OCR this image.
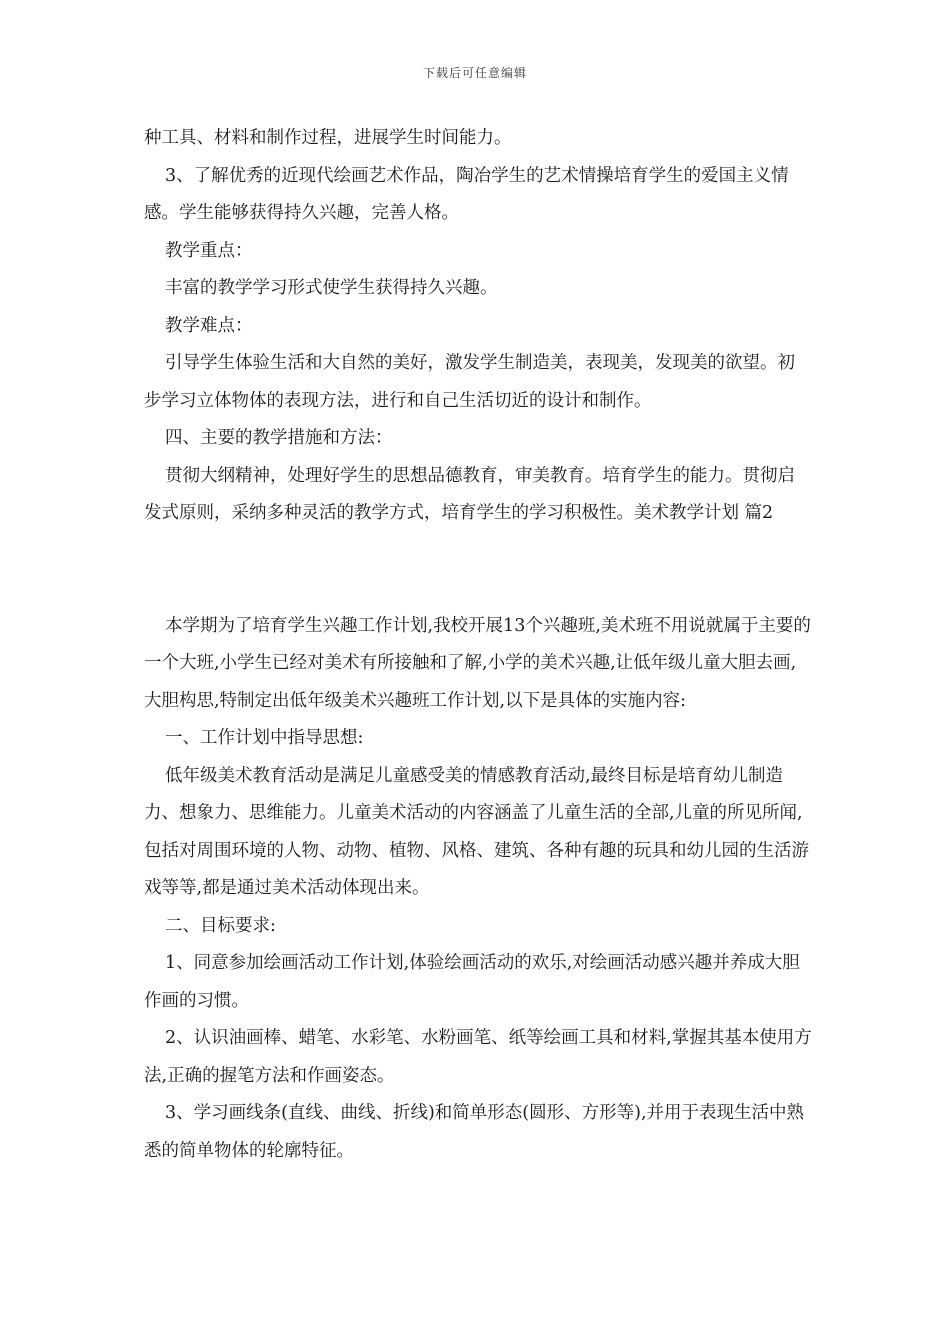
下载后可任意编辑

种工具、材料和制作过程，进展学生时间能力。

3、了解优秀的近现代绘画艺术作品，陶冶学生的艺术情操培育学生的爱国主义情感。学生能够获得持久兴趣，完善人格。

教学重点：

丰富的教学学习形式使学生获得持久兴趣。

教学难点：

引导学生体验生活和大自然的美好，激发学生制造美，表现美，发现美的欲望。初步学习立体物体的表现方法，进行和自己生活切近的设计和制作。

四、主要的教学措施和方法：

贯彻大纲精神，处理好学生的思想品德教育，审美教育。培育学生的能力。贯彻启发式原则，采纳多种灵活的教学方式，培育学生的学习积极性。美术教学计划 篇2

本学期为了培育学生兴趣工作计划,我校开展13个兴趣班,美术班不用说就属于主要的一个大班,小学生已经对美术有所接触和了解,小学的美术兴趣,让低年级儿童大胆去画,大胆构思,特制定出低年级美术兴趣班工作计划,以下是具体的实施内容:

一、工作计划中指导思想:

低年级美术教育活动是满足儿童感受美的情感教育活动,最终目标是培育幼儿制造力、想象力、思维能力。儿童美术活动的内容涵盖了儿童生活的全部,儿童的所见所闻,包括对周围环境的人物、动物、植物、风格、建筑、各种有趣的玩具和幼儿园的生活游戏等等,都是通过美术活动体现出来。

二、目标要求:

1、同意参加绘画活动工作计划,体验绘画活动的欢乐,对绘画活动感兴趣并养成大胆作画的习惯。

2、认识油画棒、蜡笔、水彩笔、水粉画笔、纸等绘画工具和材料,掌握其基本使用方法,正确的握笔方法和作画姿态。

3、学习画线条(直线、曲线、折线)和简单形态(圆形、方形等),并用于表现生活中熟悉的简单物体的轮廓特征。
